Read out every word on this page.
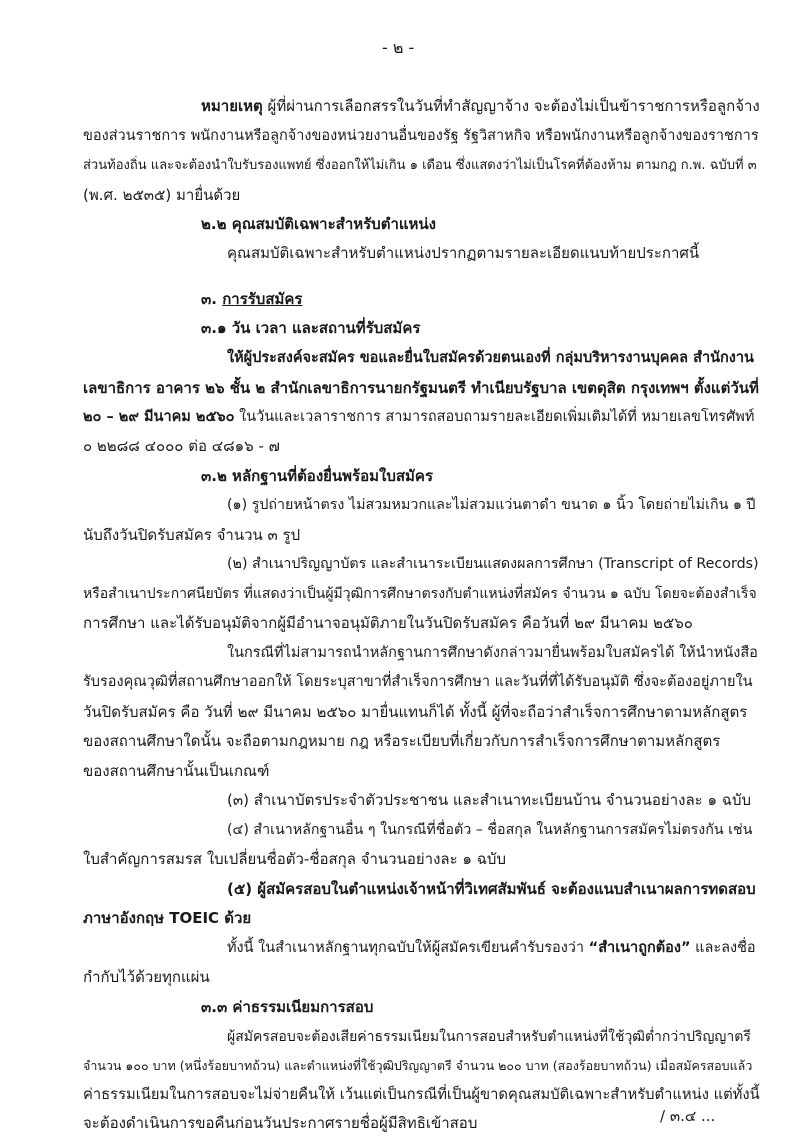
- ๒ -

หมายเหตุ ผู้ที่ผ่านการเลือกสรรในวันที่ทำสัญญาจ้าง จะต้องไม่เป็นข้าราชการหรือลูกจ้าง

ของส่วนราชการ พนักงานหรือลูกจ้างของหน่วยงานอื่นของรัฐ รัฐวิสาหกิจ หรือพนักงานหรือลูกจ้างของราชการ

ส่วนท้องถิ่น และจะต้องนำใบรับรองแพทย์ ซึ่งออกให้ไม่เกิน ๑ เดือน ซึ่งแสดงว่าไม่เป็นโรคที่ต้องห้าม ตามกฎ ก.พ. ฉบับที่ ๓

(พ.ศ. ๒๕๓๕) มายื่นด้วย

๒.๒ คุณสมบัติเฉพาะสำหรับตำแหน่ง

คุณสมบัติเฉพาะสำหรับตำแหน่งปรากฏตามรายละเอียดแนบท้ายประกาศนี้

๓. การรับสมัคร

๓.๑ วัน เวลา และสถานที่รับสมัคร

ให้ผู้ประสงค์จะสมัคร ขอและยื่นใบสมัครด้วยตนเองที่ กลุ่มบริหารงานบุคคล สำนักงาน

เลขาธิการ อาคาร ๒๖ ชั้น ๒ สำนักเลขาธิการนายกรัฐมนตรี ทำเนียบรัฐบาล เขตดุสิต กรุงเทพฯ ตั้งแต่วันที่

๒๐ – ๒๙ มีนาคม ๒๕๖๐ ในวันและเวลาราชการ สามารถสอบถามรายละเอียดเพิ่มเติมได้ที่ หมายเลขโทรศัพท์

๐ ๒๒๘๘ ๔๐๐๐ ต่อ ๔๘๑๖ - ๗

๓.๒ หลักฐานที่ต้องยื่นพร้อมใบสมัคร

(๑) รูปถ่ายหน้าตรง ไม่สวมหมวกและไม่สวมแว่นตาดำ ขนาด ๑ นิ้ว โดยถ่ายไม่เกิน ๑ ปี

นับถึงวันปิดรับสมัคร จำนวน ๓ รูป

(๒) สำเนาปริญญาบัตร และสำเนาระเบียนแสดงผลการศึกษา (Transcript of Records)

หรือสำเนาประกาศนียบัตร ที่แสดงว่าเป็นผู้มีวุฒิการศึกษาตรงกับตำแหน่งที่สมัคร จำนวน ๑ ฉบับ โดยจะต้องสำเร็จ

การศึกษา และได้รับอนุมัติจากผู้มีอำนาจอนุมัติภายในวันปิดรับสมัคร คือวันที่ ๒๙ มีนาคม ๒๕๖๐

ในกรณีที่ไม่สามารถนำหลักฐานการศึกษาดังกล่าวมายื่นพร้อมใบสมัครได้ ให้นำหนังสือ

รับรองคุณวุฒิที่สถานศึกษาออกให้ โดยระบุสาขาที่สำเร็จการศึกษา และวันที่ที่ได้รับอนุมัติ ซึ่งจะต้องอยู่ภายใน

วันปิดรับสมัคร คือ วันที่ ๒๙ มีนาคม ๒๕๖๐ มายื่นแทนก็ได้ ทั้งนี้ ผู้ที่จะถือว่าสำเร็จการศึกษาตามหลักสูตร

ของสถานศึกษาใดนั้น จะถือตามกฎหมาย กฎ หรือระเบียบที่เกี่ยวกับการสำเร็จการศึกษาตามหลักสูตร

ของสถานศึกษานั้นเป็นเกณฑ์

(๓) สำเนาบัตรประจำตัวประชาชน และสำเนาทะเบียนบ้าน จำนวนอย่างละ ๑ ฉบับ

(๔) สำเนาหลักฐานอื่น ๆ ในกรณีที่ชื่อตัว – ชื่อสกุล ในหลักฐานการสมัครไม่ตรงกัน เช่น

ใบสำคัญการสมรส ใบเปลี่ยนชื่อตัว-ชื่อสกุล จำนวนอย่างละ ๑ ฉบับ

(๕) ผู้สมัครสอบในตำแหน่งเจ้าหน้าที่วิเทศสัมพันธ์ จะต้องแนบสำเนาผลการทดสอบ

ภาษาอังกฤษ TOEIC ด้วย

ทั้งนี้ ในสำเนาหลักฐานทุกฉบับให้ผู้สมัครเขียนคำรับรองว่า “สำเนาถูกต้อง” และลงชื่อ

กำกับไว้ด้วยทุกแผ่น

๓.๓ ค่าธรรมเนียมการสอบ

ผู้สมัครสอบจะต้องเสียค่าธรรมเนียมในการสอบสำหรับตำแหน่งที่ใช้วุฒิต่ำกว่าปริญญาตรี

จำนวน ๑๐๐ บาท (หนึ่งร้อยบาทถ้วน) และตำแหน่งที่ใช้วุฒิปริญญาตรี จำนวน ๒๐๐ บาท (สองร้อยบาทถ้วน) เมื่อสมัครสอบแล้ว

ค่าธรรมเนียมในการสอบจะไม่จ่ายคืนให้ เว้นแต่เป็นกรณีที่เป็นผู้ขาดคุณสมบัติเฉพาะสำหรับตำแหน่ง แต่ทั้งนี้

จะต้องดำเนินการขอคืนก่อนวันประกาศรายชื่อผู้มีสิทธิเข้าสอบ	/ ๓.๔ ...
